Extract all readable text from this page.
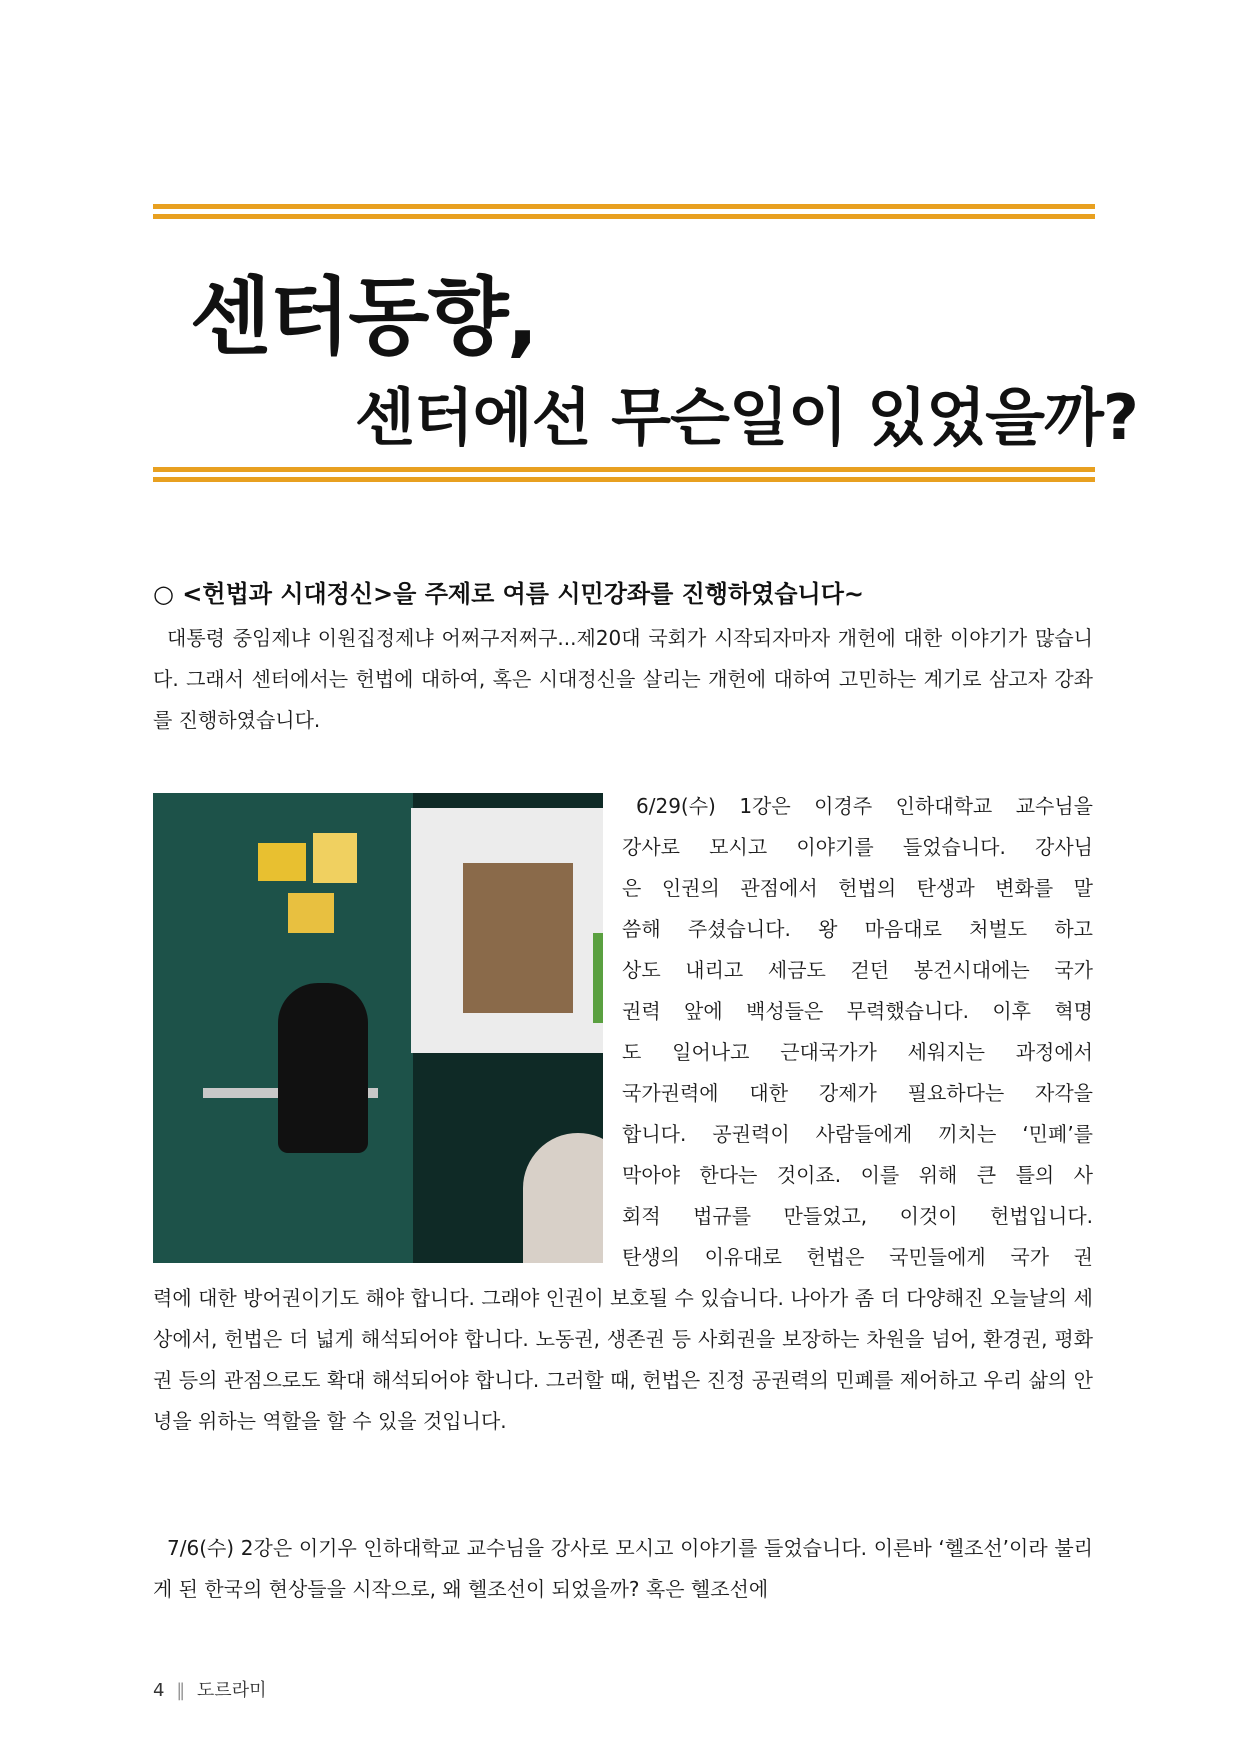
센터동향,
센터에선 무슨일이 있었을까?
○ <헌법과 시대정신>을 주제로 여름 시민강좌를 진행하였습니다~

대통령 중임제냐 이원집정제냐 어쩌구저쩌구...제20대 국회가 시작되자마자 개헌에 대한 이야기가 많습니다. 그래서 센터에서는 헌법에 대하여, 혹은 시대정신을 살리는 개헌에 대하여 고민하는 계기로 삼고자 강좌를 진행하였습니다.

6/29(수) 1강은 이경주 인하대학교 교수님을

강사로 모시고 이야기를 들었습니다. 강사님

은 인권의 관점에서 헌법의 탄생과 변화를 말

씀해 주셨습니다. 왕 마음대로 처벌도 하고

상도 내리고 세금도 걷던 봉건시대에는 국가

권력 앞에 백성들은 무력했습니다. 이후 혁명

도 일어나고 근대국가가 세워지는 과정에서

국가권력에 대한 강제가 필요하다는 자각을

합니다. 공권력이 사람들에게 끼치는 ‘민폐’를

막아야 한다는 것이죠. 이를 위해 큰 틀의 사

회적 법규를 만들었고, 이것이 헌법입니다.

탄생의 이유대로 헌법은 국민들에게 국가 권

력에 대한 방어권이기도 해야 합니다. 그래야 인권이 보호될 수 있습니다. 나아가 좀 더 다양해진 오늘날의 세상에서, 헌법은 더 넓게 해석되어야 합니다. 노동권, 생존권 등 사회권을 보장하는 차원을 넘어, 환경권, 평화권 등의 관점으로도 확대 해석되어야 합니다. 그러할 때, 헌법은 진정 공권력의 민폐를 제어하고 우리 삶의 안녕을 위하는 역할을 할 수 있을 것입니다.

7/6(수) 2강은 이기우 인하대학교 교수님을 강사로 모시고 이야기를 들었습니다. 이른바 ‘헬조선’이라 불리게 된 한국의 현상들을 시작으로, 왜 헬조선이 되었을까? 혹은 헬조선에

4 ‖ 도르라미
